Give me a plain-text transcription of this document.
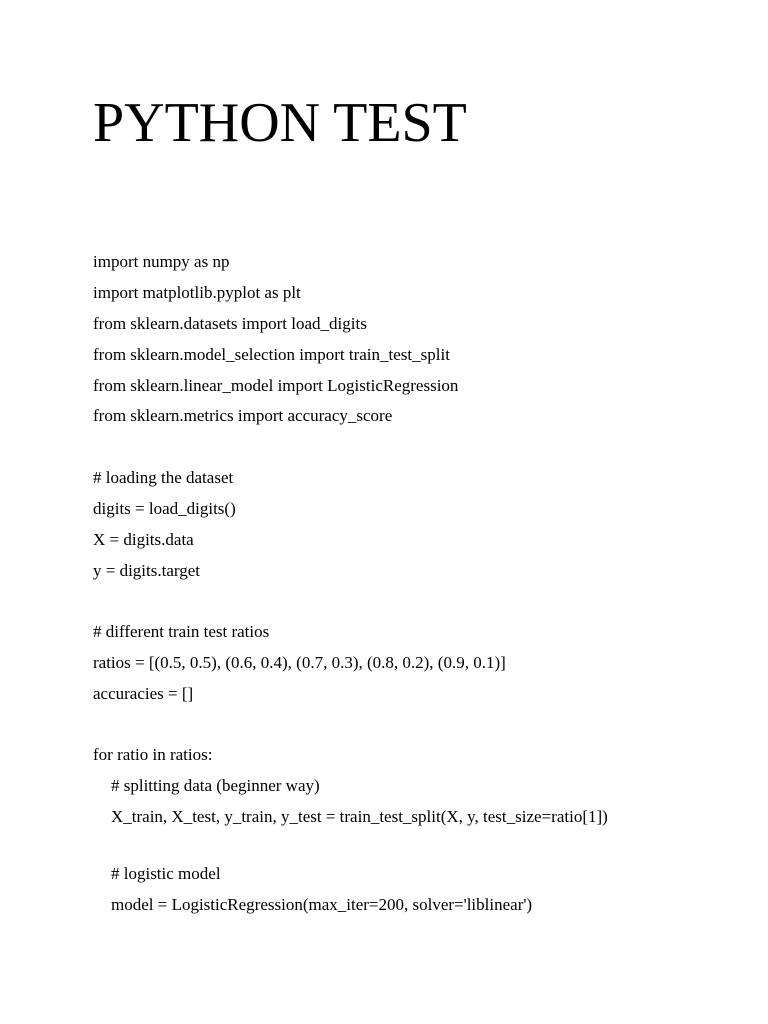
PYTHON TEST
import numpy as np
import matplotlib.pyplot as plt
from sklearn.datasets import load_digits
from sklearn.model_selection import train_test_split
from sklearn.linear_model import LogisticRegression
from sklearn.metrics import accuracy_score
# loading the dataset
digits = load_digits()
X = digits.data
y = digits.target
# different train test ratios
ratios = [(0.5, 0.5), (0.6, 0.4), (0.7, 0.3), (0.8, 0.2), (0.9, 0.1)]
accuracies = []
for ratio in ratios:
# splitting data (beginner way)
X_train, X_test, y_train, y_test = train_test_split(X, y, test_size=ratio[1])
# logistic model
model = LogisticRegression(max_iter=200, solver='liblinear')
